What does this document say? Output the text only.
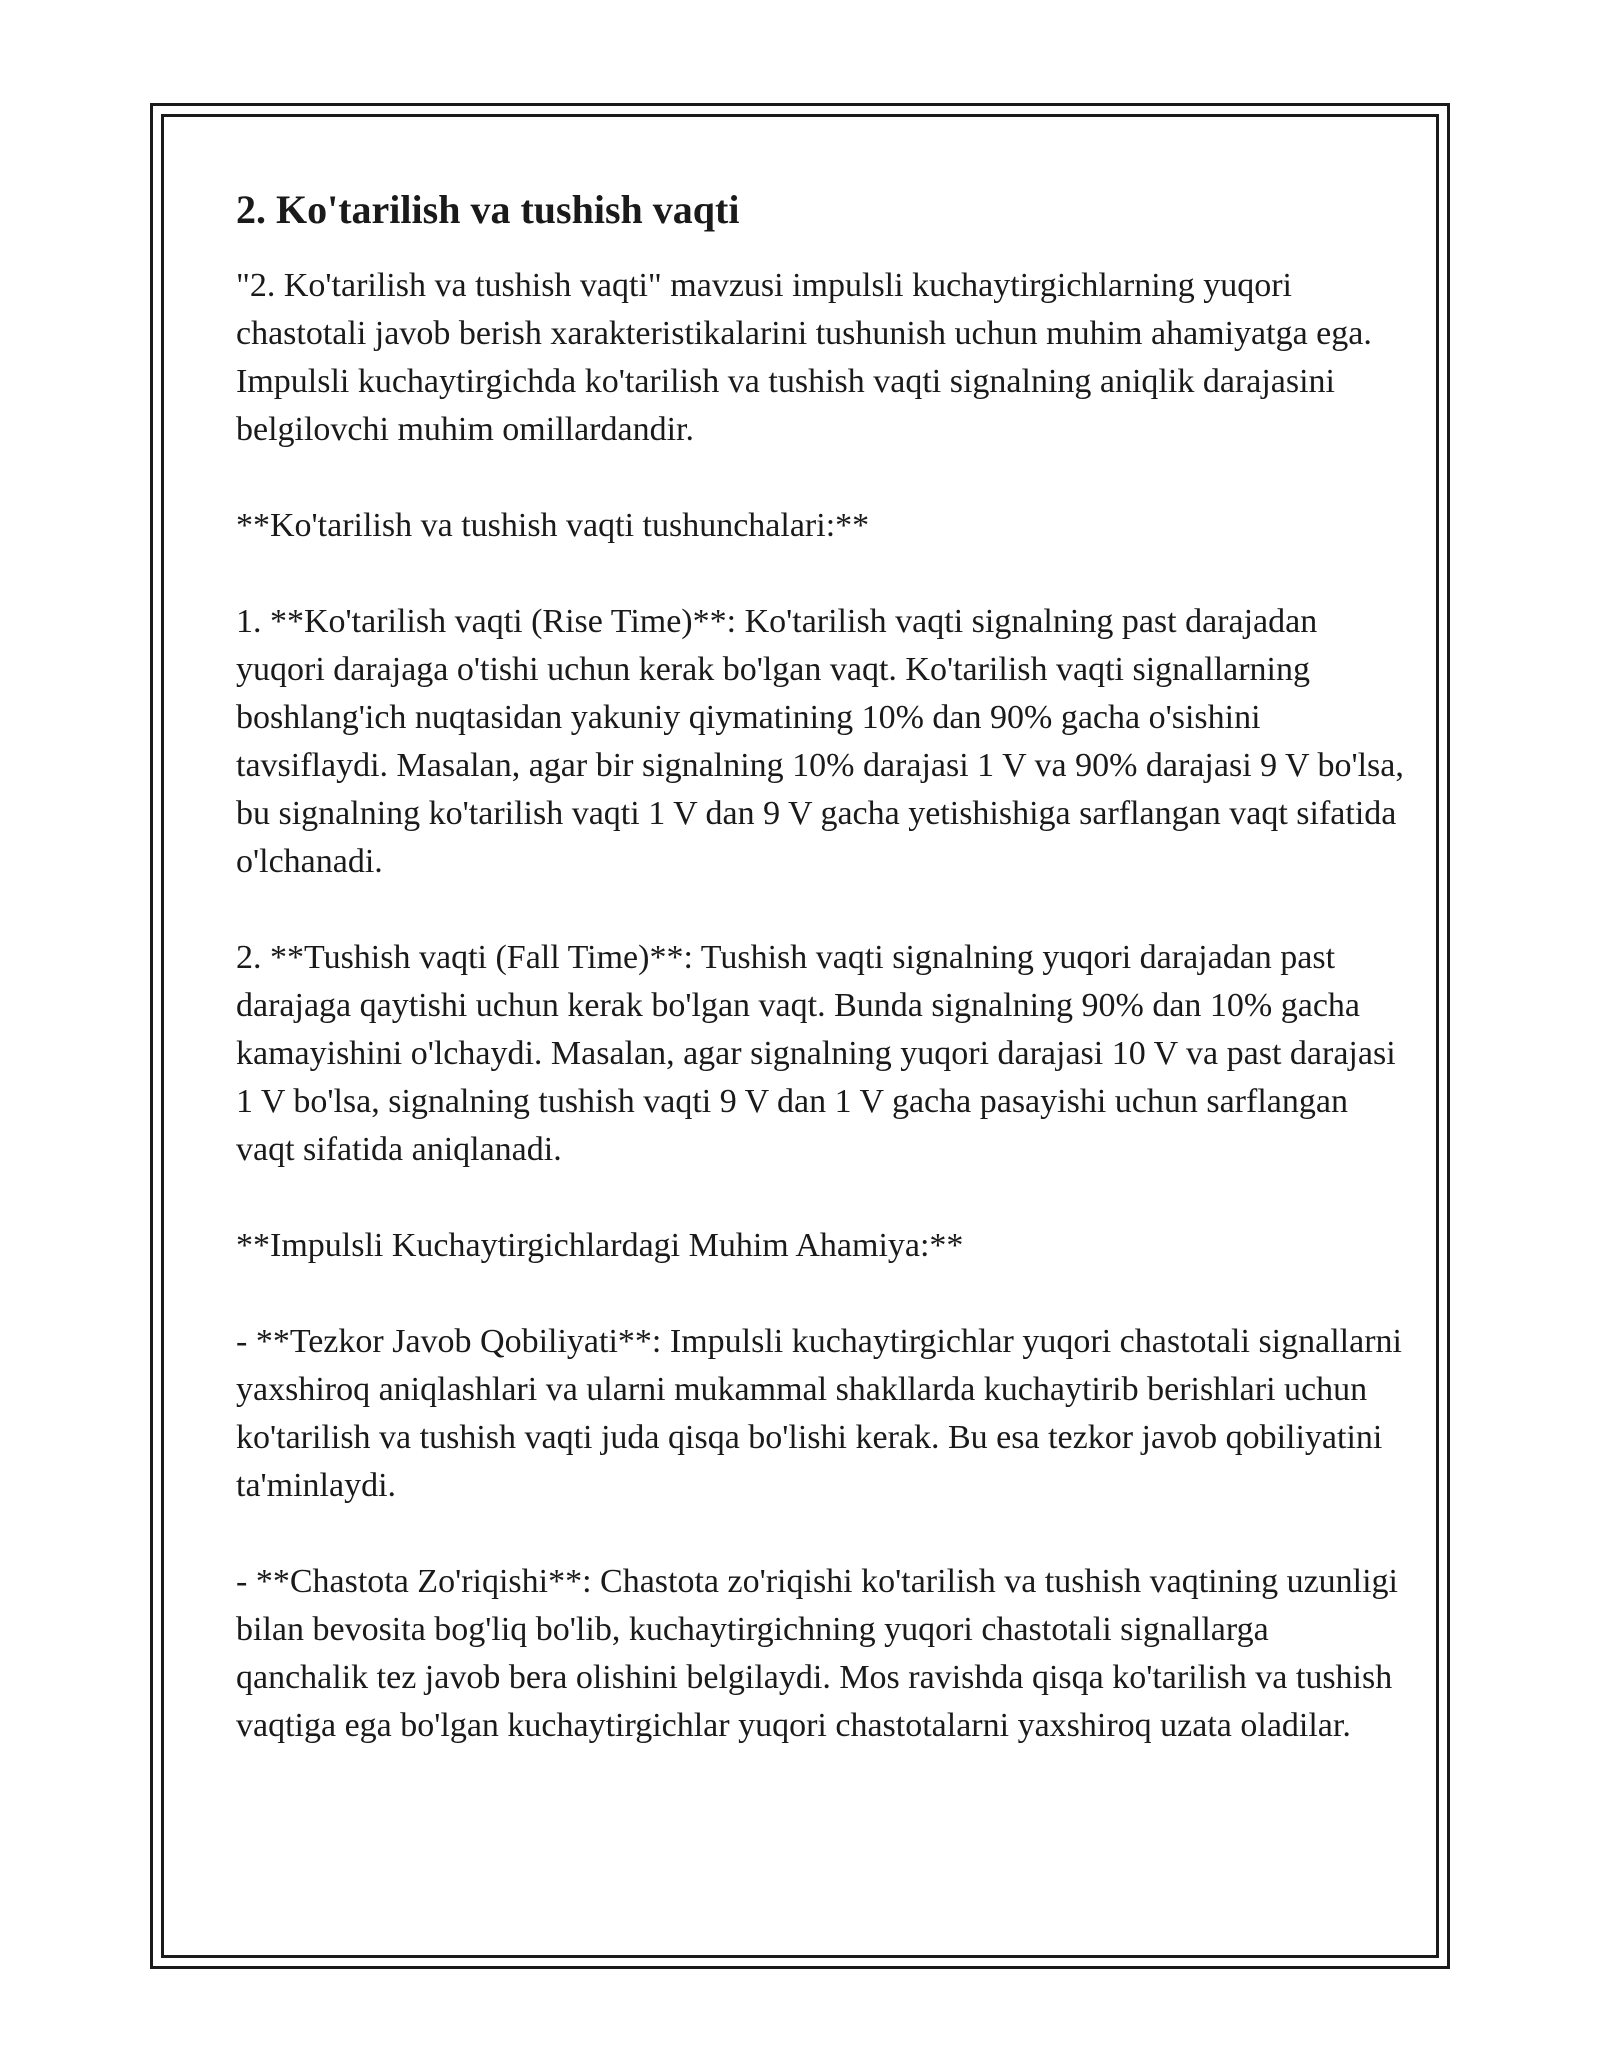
2. Ko'tarilish va tushish vaqti

"2. Ko'tarilish va tushish vaqti" mavzusi impulsli kuchaytirgichlarning yuqori chastotali javob berish xarakteristikalarini tushunish uchun muhim ahamiyatga ega. Impulsli kuchaytirgichda ko'tarilish va tushish vaqti signalning aniqlik darajasini belgilovchi muhim omillardandir.

**Ko'tarilish va tushish vaqti tushunchalari:**

1. **Ko'tarilish vaqti (Rise Time)**: Ko'tarilish vaqti signalning past darajadan yuqori darajaga o'tishi uchun kerak bo'lgan vaqt. Ko'tarilish vaqti signallarning boshlang'ich nuqtasidan yakuniy qiymatining 10% dan 90% gacha o'sishini tavsiflaydi. Masalan, agar bir signalning 10% darajasi 1 V va 90% darajasi 9 V bo'lsa, bu signalning ko'tarilish vaqti 1 V dan 9 V gacha yetishishiga sarflangan vaqt sifatida o'lchanadi.

2. **Tushish vaqti (Fall Time)**: Tushish vaqti signalning yuqori darajadan past darajaga qaytishi uchun kerak bo'lgan vaqt. Bunda signalning 90% dan 10% gacha kamayishini o'lchaydi. Masalan, agar signalning yuqori darajasi 10 V va past darajasi 1 V bo'lsa, signalning tushish vaqti 9 V dan 1 V gacha pasayishi uchun sarflangan vaqt sifatida aniqlanadi.

**Impulsli Kuchaytirgichlardagi Muhim Ahamiya:**

- **Tezkor Javob Qobiliyati**: Impulsli kuchaytirgichlar yuqori chastotali signallarni yaxshiroq aniqlashlari va ularni mukammal shakllarda kuchaytirib berishlari uchun ko'tarilish va tushish vaqti juda qisqa bo'lishi kerak. Bu esa tezkor javob qobiliyatini ta'minlaydi.

- **Chastota Zo'riqishi**: Chastota zo'riqishi ko'tarilish va tushish vaqtining uzunligi bilan bevosita bog'liq bo'lib, kuchaytirgichning yuqori chastotali signallarga qanchalik tez javob bera olishini belgilaydi. Mos ravishda qisqa ko'tarilish va tushish vaqtiga ega bo'lgan kuchaytirgichlar yuqori chastotalarni yaxshiroq uzata oladilar.
